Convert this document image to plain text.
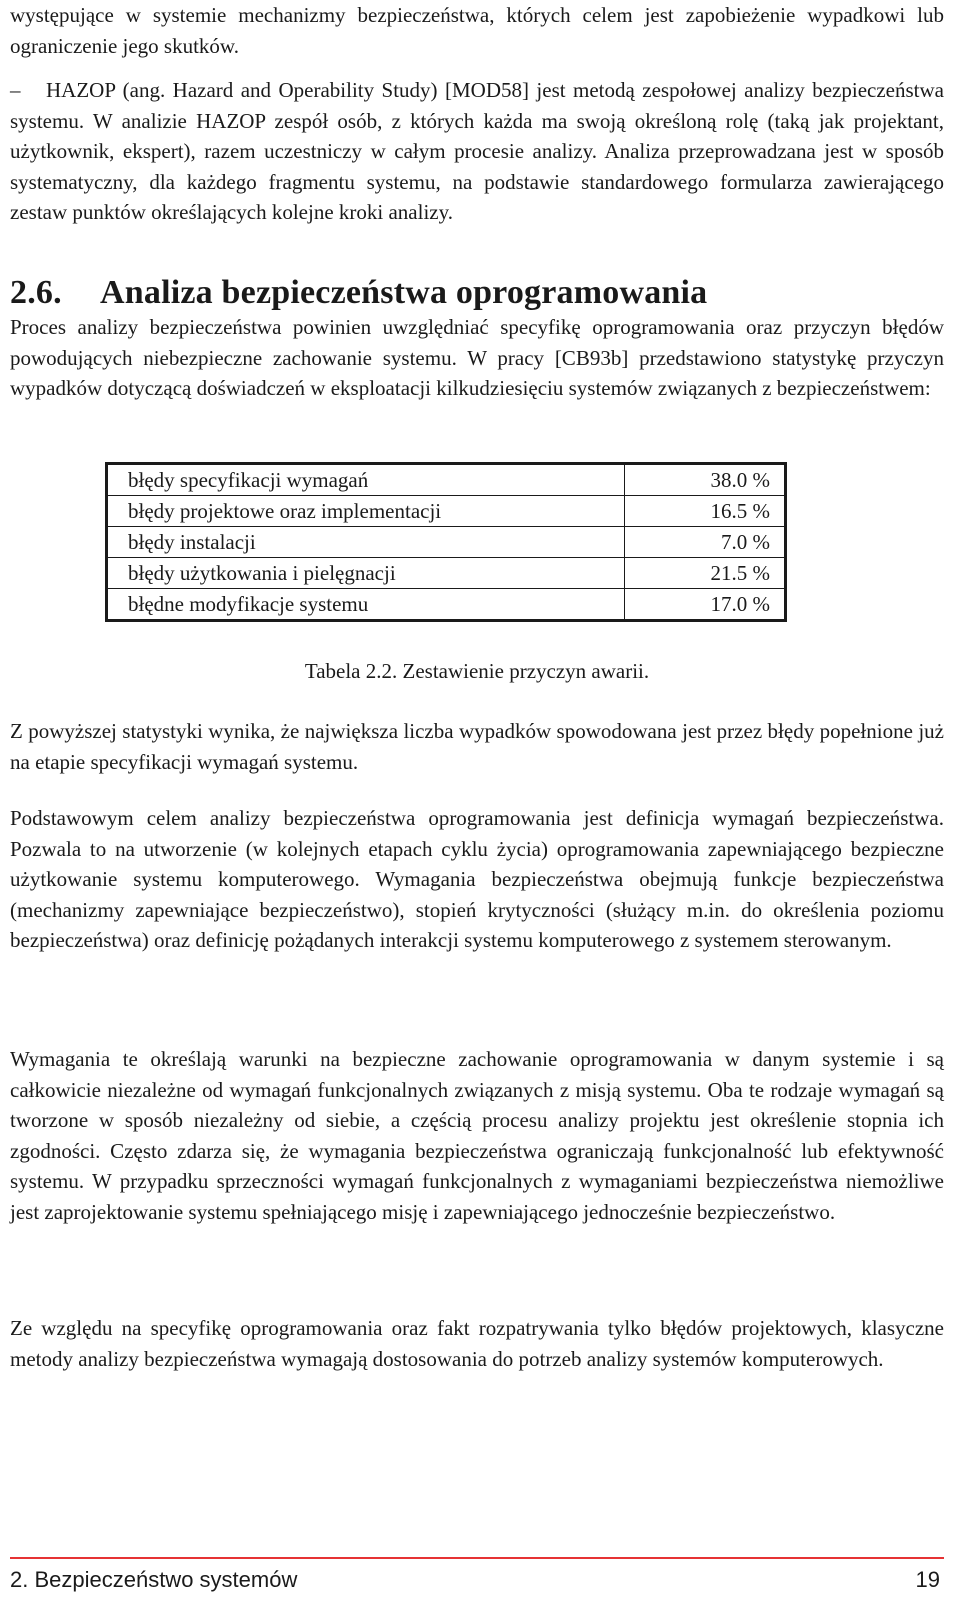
występujące w systemie mechanizmy bezpieczeństwa, których celem jest zapobieżenie wypadkowi lub ograniczenie jego skutków.

– HAZOP (ang. Hazard and Operability Study) [MOD58] jest metodą zespołowej analizy bezpieczeństwa systemu. W analizie HAZOP zespół osób, z których każda ma swoją określoną rolę (taką jak projektant, użytkownik, ekspert), razem uczestniczy w całym procesie analizy. Analiza przeprowadzana jest w sposób systematyczny, dla każdego fragmentu systemu, na podstawie standardowego formularza zawierającego zestaw punktów określających kolejne kroki analizy.

2.6. Analiza bezpieczeństwa oprogramowania

Proces analizy bezpieczeństwa powinien uwzględniać specyfikę oprogramowania oraz przyczyn błędów powodujących niebezpieczne zachowanie systemu. W pracy [CB93b] przedstawiono statystykę przyczyn wypadków dotyczącą doświadczeń w eksploatacji kilkudziesięciu systemów związanych z bezpieczeństwem:

błędy specyfikacji wymagań	38.0 %
błędy projektowe oraz implementacji	16.5 %
błędy instalacji	7.0 %
błędy użytkowania i pielęgnacji	21.5 %
błędne modyfikacje systemu	17.0 %
Tabela 2.2. Zestawienie przyczyn awarii.

Z powyższej statystyki wynika, że największa liczba wypadków spowodowana jest przez błędy popełnione już na etapie specyfikacji wymagań systemu.

Podstawowym celem analizy bezpieczeństwa oprogramowania jest definicja wymagań bezpieczeństwa. Pozwala to na utworzenie (w kolejnych etapach cyklu życia) oprogramowania zapewniającego bezpieczne użytkowanie systemu komputerowego. Wymagania bezpieczeństwa obejmują funkcje bezpieczeństwa (mechanizmy zapewniające bezpieczeństwo), stopień krytyczności (służący m.in. do określenia poziomu bezpieczeństwa) oraz definicję pożądanych interakcji systemu komputerowego z systemem sterowanym.

Wymagania te określają warunki na bezpieczne zachowanie oprogramowania w danym systemie i są całkowicie niezależne od wymagań funkcjonalnych związanych z misją systemu. Oba te rodzaje wymagań są tworzone w sposób niezależny od siebie, a częścią procesu analizy projektu jest określenie stopnia ich zgodności. Często zdarza się, że wymagania bezpieczeństwa ograniczają funkcjonalność lub efektywność systemu. W przypadku sprzeczności wymagań funkcjonalnych z wymaganiami bezpieczeństwa niemożliwe jest zaprojektowanie systemu spełniającego misję i zapewniającego jednocześnie bezpieczeństwo.

Ze względu na specyfikę oprogramowania oraz fakt rozpatrywania tylko błędów projektowych, klasyczne metody analizy bezpieczeństwa wymagają dostosowania do potrzeb analizy systemów komputerowych.

2. Bezpieczeństwo systemów	19
